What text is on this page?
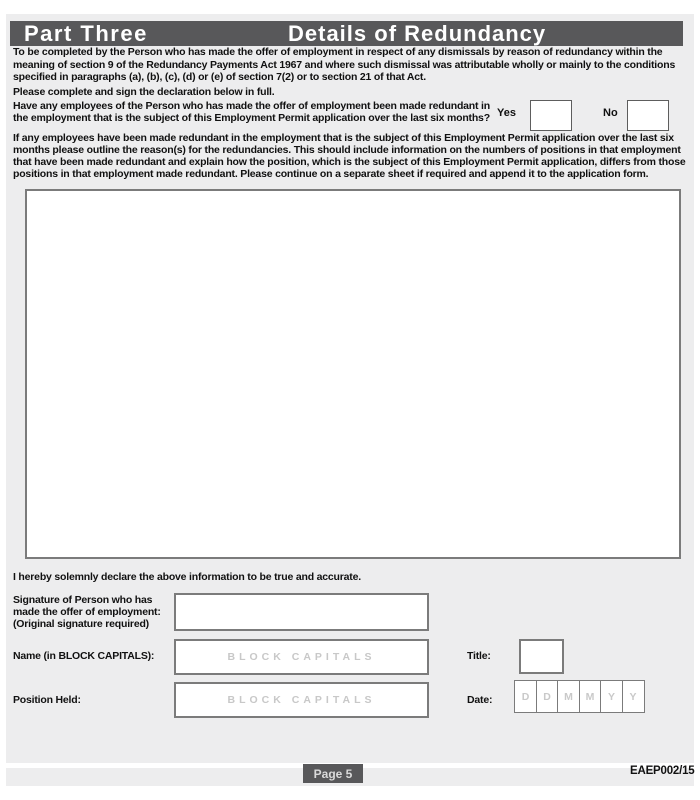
Part Three	Details of Redundancy
To be completed by the Person who has made the offer of employment in respect of any dismissals by reason of redundancy within the meaning of section 9 of the Redundancy Payments Act 1967 and where such dismissal was attributable wholly or mainly to the conditions specified in paragraphs (a), (b), (c), (d) or (e) of section 7(2) or to section 21 of that Act.
Please complete and sign the declaration below in full.
Have any employees of the Person who has made the offer of employment been made redundant in the employment that is the subject of this Employment Permit application over the last six months? Yes	No
If any employees have been made redundant in the employment that is the subject of this Employment Permit application over the last six months please outline the reason(s) for the redundancies. This should include information on the numbers of positions in that employment that have been made redundant and explain how the position, which is the subject of this Employment Permit application, differs from those positions in that employment made redundant. Please continue on a separate sheet if required and append it to the application form.
I hereby solemnly declare the above information to be true and accurate.
Signature of Person who has made the offer of employment:
(Original signature required)
Name (in BLOCK CAPITALS):	BLOCK CAPITALS	Title:
Position Held:	BLOCK CAPITALS	Date:	D	D	M	M	Y	Y
Page 5	EAEP002/15
